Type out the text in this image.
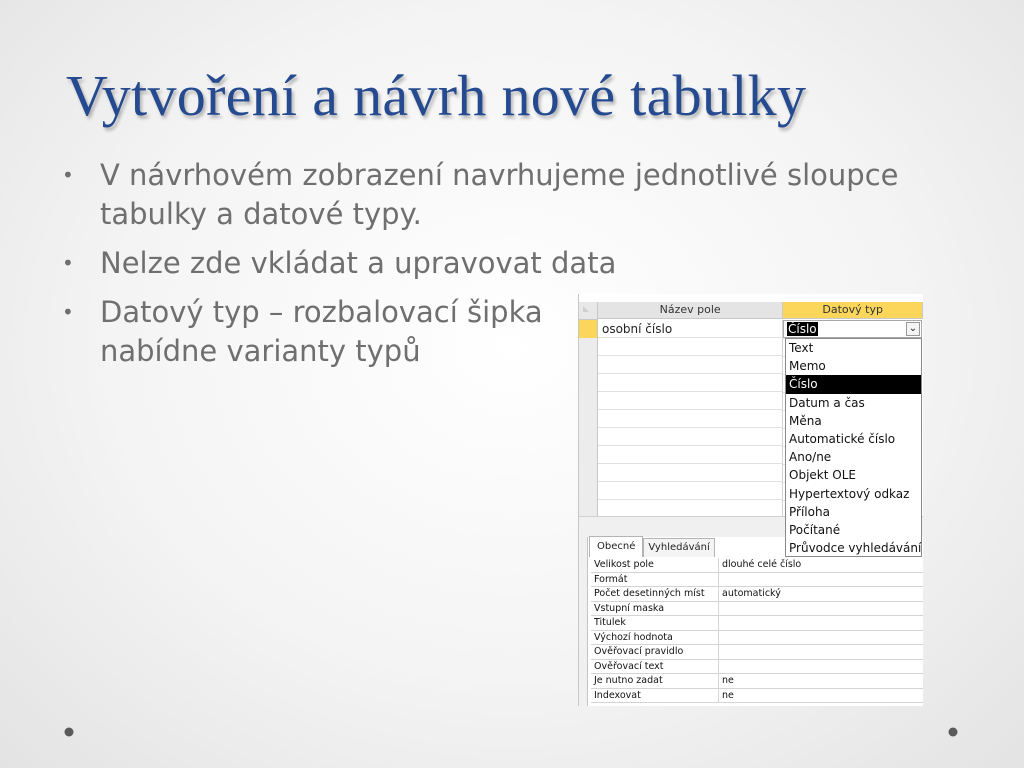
Vytvoření a návrh nové tabulky
• V návrhovém zobrazení navrhujeme jednotlivé sloupce tabulky a datové typy.
• Nelze zde vkládat a upravovat data
• Datový typ – rozbalovací šipka nabídne varianty typů
Název pole	Datový typ
osobní číslo	Číslo	⌄
Obecné	Vyhledávání
Velikost pole	dlouhé celé číslo
Formát	
Počet desetinných míst	automatický
Vstupní maska	
Titulek	
Výchozí hodnota	
Ověřovací pravidlo	
Ověřovací text	
Je nutno zadat	ne
Indexovat	ne
Text
Memo
Číslo
Datum a čas
Měna
Automatické číslo
Ano/ne
Objekt OLE
Hypertextový odkaz
Příloha
Počítané
Průvodce vyhledávání
